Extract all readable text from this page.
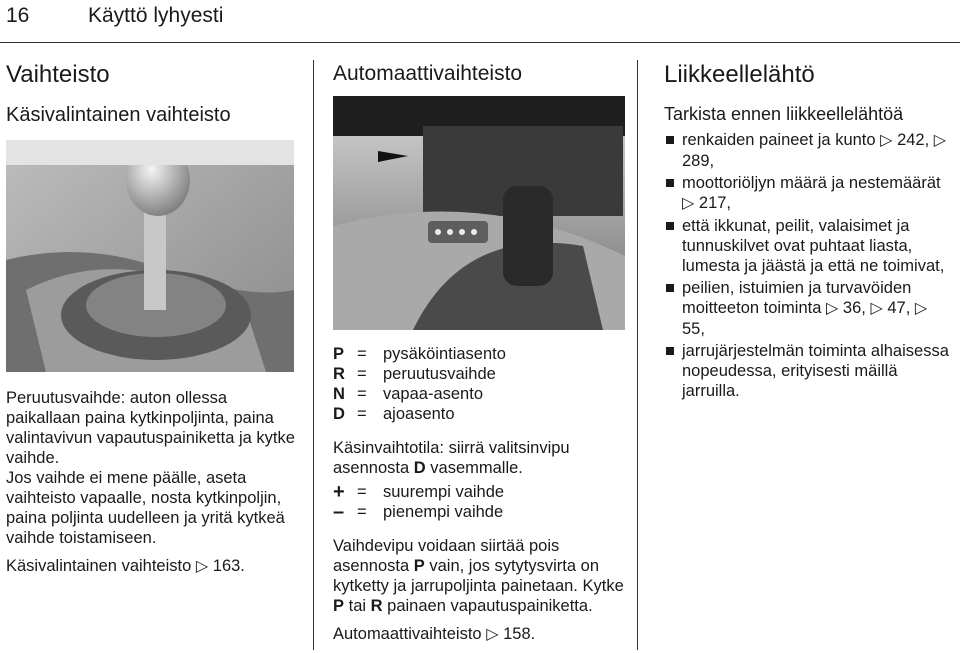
16	Käyttö lyhyesti
Vaihteisto
Käsivalintainen vaihteisto

Peruutusvaihde: auton ollessa paikallaan paina kytkinpoljinta, paina valintavivun vapautuspainiketta ja kytke vaihde.

Jos vaihde ei mene päälle, aseta vaihteisto vapaalle, nosta kytkinpoljin, paina poljinta uudelleen ja yritä kytkeä vaihde toistamiseen.

Käsivalintainen vaihteisto ▷ 163.

Automaattivaihteisto
P = pysäköintiasento
R = peruutusvaihde
N = vapaa-asento
D = ajoasento

Käsinvaihtotila: siirrä valitsinvipu asennosta D vasemmalle.

+ = suurempi vaihde
– = pienempi vaihde

Vaihdevipu voidaan siirtää pois asennosta P vain, jos sytytysvirta on kytketty ja jarrupoljinta painetaan. Kytke P tai R painaen vapautuspainiketta.

Automaattivaihteisto ▷ 158.

Liikkeellelähtö
Tarkista ennen liikkeellelähtöä
renkaiden paineet ja kunto ▷ 242, ▷ 289,
moottoriöljyn määrä ja nestemäärät ▷ 217,
että ikkunat, peilit, valaisimet ja tunnuskilvet ovat puhtaat liasta, lumesta ja jäästä ja että ne toimivat,
peilien, istuimien ja turvavöiden moitteeton toiminta ▷ 36, ▷ 47, ▷ 55,
jarrujärjestelmän toiminta alhaisessa nopeudessa, erityisesti mäillä jarruilla.
